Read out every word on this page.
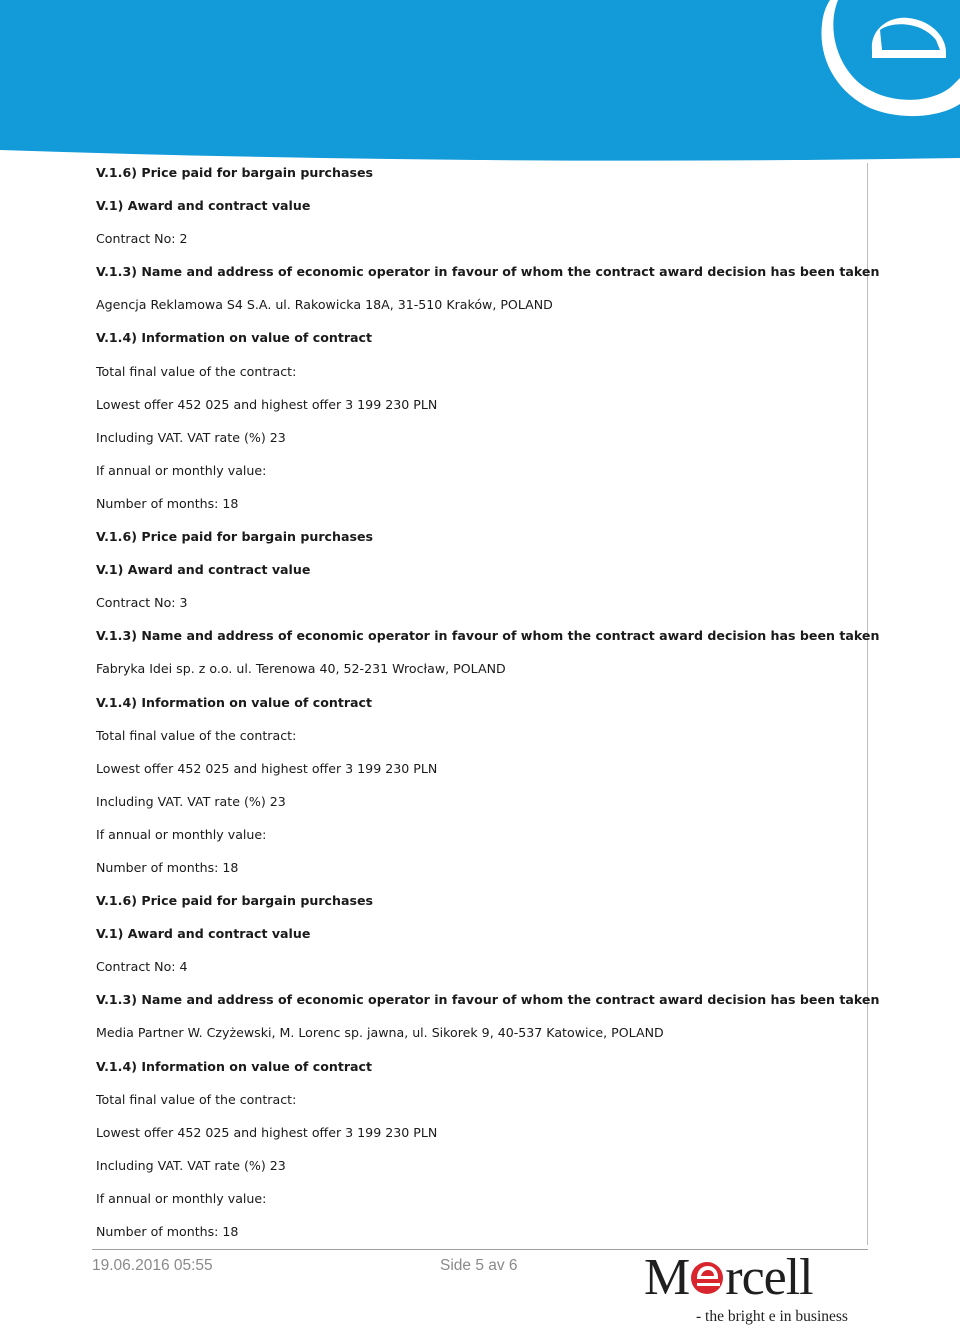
V.1.6) Price paid for bargain purchases
V.1) Award and contract value
Contract No: 2
V.1.3) Name and address of economic operator in favour of whom the contract award decision has been taken
Agencja Reklamowa S4 S.A. ul. Rakowicka 18A, 31-510 Kraków, POLAND
V.1.4) Information on value of contract
Total final value of the contract:
Lowest offer 452 025 and highest offer 3 199 230 PLN
Including VAT. VAT rate (%) 23
If annual or monthly value:
Number of months: 18
V.1.6) Price paid for bargain purchases
V.1) Award and contract value
Contract No: 3
V.1.3) Name and address of economic operator in favour of whom the contract award decision has been taken
Fabryka Idei sp. z o.o. ul. Terenowa 40, 52-231 Wrocław, POLAND
V.1.4) Information on value of contract
Total final value of the contract:
Lowest offer 452 025 and highest offer 3 199 230 PLN
Including VAT. VAT rate (%) 23
If annual or monthly value:
Number of months: 18
V.1.6) Price paid for bargain purchases
V.1) Award and contract value
Contract No: 4
V.1.3) Name and address of economic operator in favour of whom the contract award decision has been taken
Media Partner W. Czyżewski, M. Lorenc sp. jawna, ul. Sikorek 9, 40-537 Katowice, POLAND
V.1.4) Information on value of contract
Total final value of the contract:
Lowest offer 452 025 and highest offer 3 199 230 PLN
Including VAT. VAT rate (%) 23
If annual or monthly value:
Number of months: 18
19.06.2016 05:55	Side 5 av 6 M rcell
- the bright e in business
